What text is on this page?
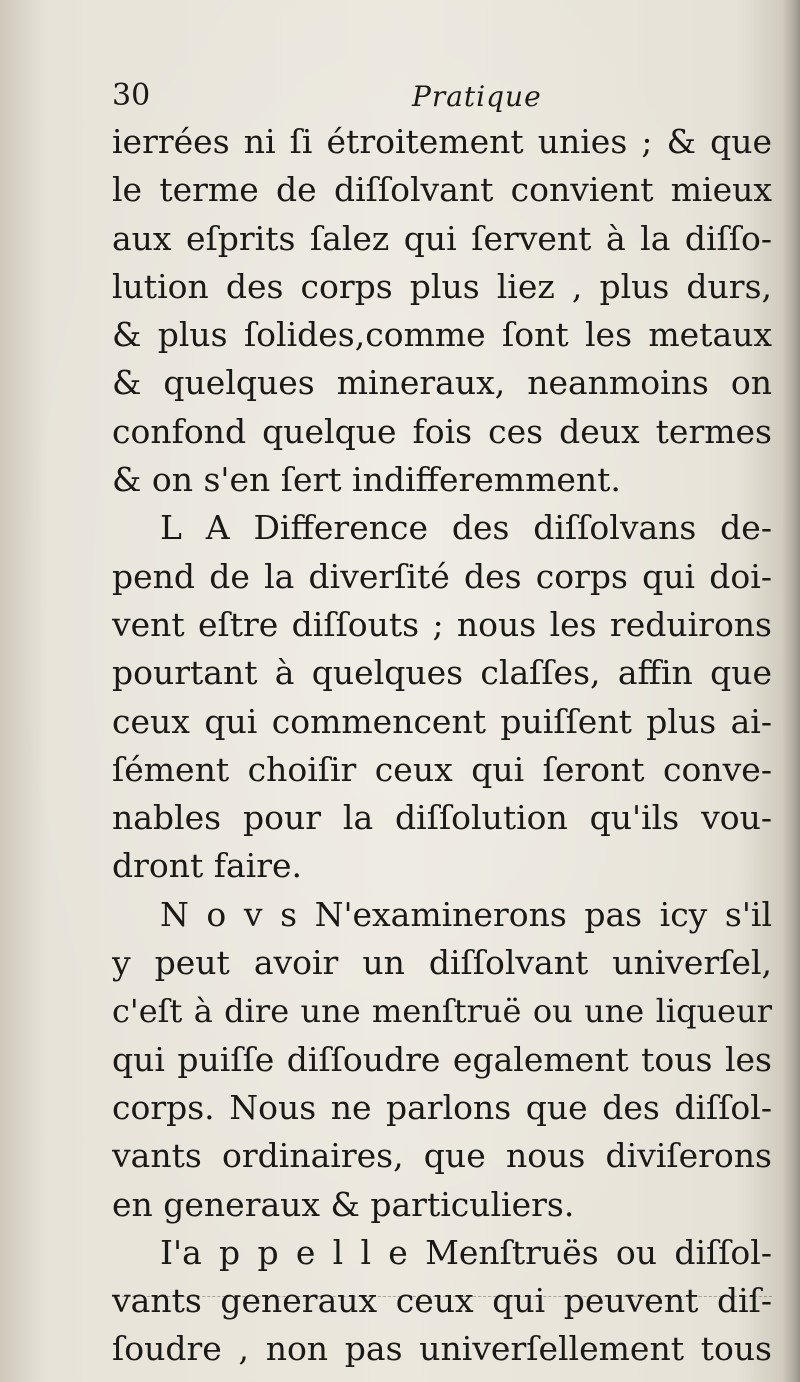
30	Pratique
ierrées ni ſi étroitement unies ; & que
le terme de diſſolvant convient mieux
aux eſprits ſalez qui ſervent à la diſſo-
lution des corps plus liez , plus durs,
& plus ſolides,comme ſont les metaux
& quelques mineraux, neanmoins on
confond quelque fois ces deux termes
& on s'en ſert indifferemment.
L A Difference des diſſolvans de-
pend de la diverſité des corps qui doi-
vent eſtre diſſouts ; nous les reduirons
pourtant à quelques claſſes, affin que
ceux qui commencent puiſſent plus ai-
ſément choiſir ceux qui ſeront conve-
nables pour la diſſolution qu'ils vou-
dront faire.
N o v s N'examinerons pas icy s'il
y peut avoir un diſſolvant univerſel,
c'eſt à dire une menſtruë ou une liqueur
qui puiſſe diſſoudre egalement tous les
corps. Nous ne parlons que des diſſol-
vants ordinaires, que nous diviſerons
en generaux & particuliers.
I'a p p e l l e Menſtruës ou diſſol-
vants generaux ceux qui peuvent diſ-
ſoudre , non pas univerſellement tous
